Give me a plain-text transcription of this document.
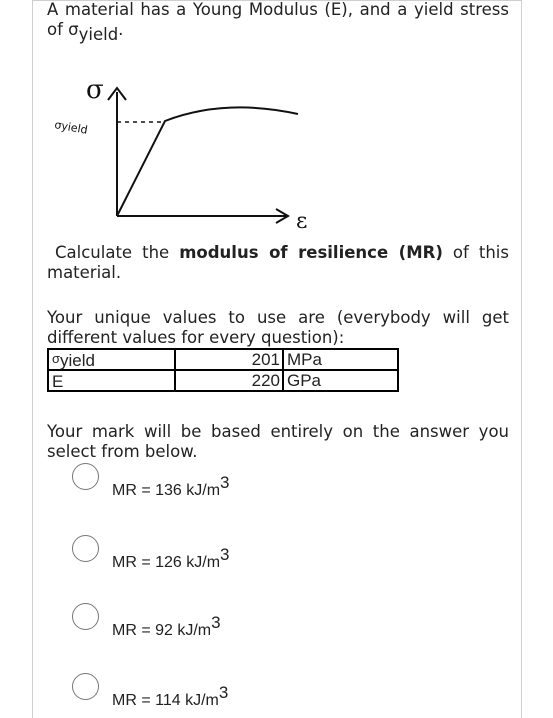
A material has a Young Modulus (E), and a yield stress of σyield.
σ
σyield
ε
Calculate the modulus of resilience (MR) of this material.
Your unique values to use are (everybody will get different values for every question):
σyield	201	MPa
E	220	GPa
Your mark will be based entirely on the answer you select from below.
MR = 136 kJ/m3
MR = 126 kJ/m3
MR = 92 kJ/m3
MR = 114 kJ/m3
